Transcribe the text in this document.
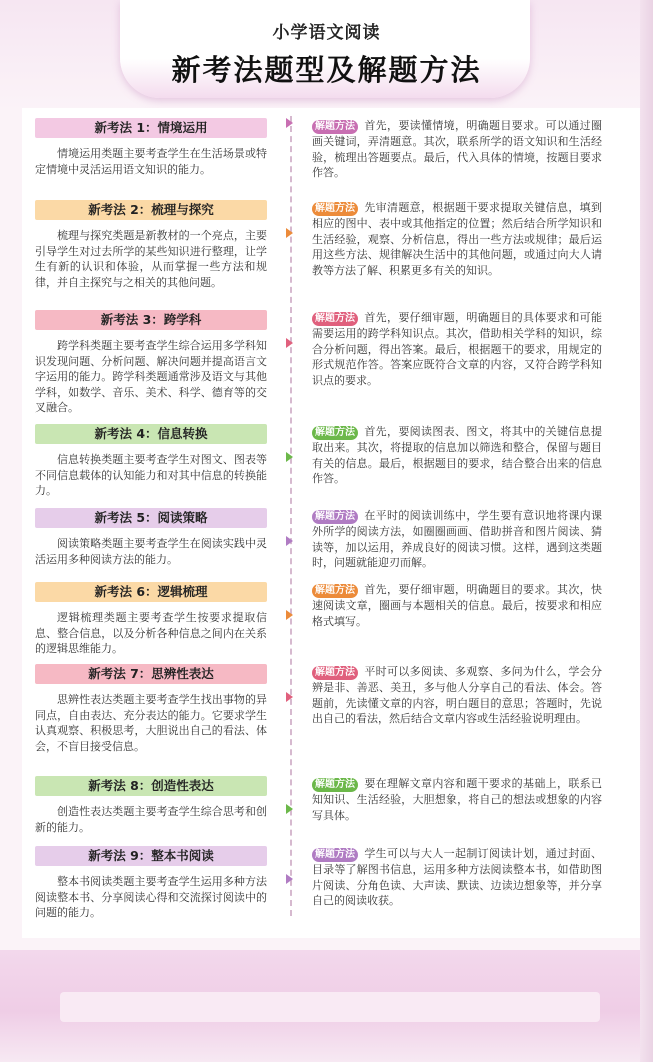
小学语文阅读
新考法题型及解题方法
新考法 1：情境运用
情境运用类题主要考查学生在生活场景或特定情境中灵活运用语文知识的能力。
解题方法 首先，要读懂情境，明确题目要求。可以通过圈画关键词，弄清题意。其次，联系所学的语文知识和生活经验，梳理出答题要点。最后，代入具体的情境，按题目要求作答。
新考法 2：梳理与探究
梳理与探究类题是新教材的一个亮点，主要引导学生对过去所学的某些知识进行整理，让学生有新的认识和体验，从而掌握一些方法和规律，并自主探究与之相关的其他问题。
解题方法 先审清题意，根据题干要求提取关键信息，填到相应的图中、表中或其他指定的位置；然后结合所学知识和生活经验，观察、分析信息，得出一些方法或规律；最后运用这些方法、规律解决生活中的其他问题，或通过向大人请教等方法了解、积累更多有关的知识。
新考法 3：跨学科
跨学科类题主要考查学生综合运用多学科知识发现问题、分析问题、解决问题并提高语言文字运用的能力。跨学科类题通常涉及语文与其他学科，如数学、音乐、美术、科学、德育等的交叉融合。
解题方法 首先，要仔细审题，明确题目的具体要求和可能需要运用的跨学科知识点。其次，借助相关学科的知识，综合分析问题，得出答案。最后，根据题干的要求，用规定的形式规范作答。答案应既符合文章的内容，又符合跨学科知识点的要求。
新考法 4：信息转换
信息转换类题主要考查学生对图文、图表等不同信息载体的认知能力和对其中信息的转换能力。
解题方法 首先，要阅读图表、图文，将其中的关键信息提取出来。其次，将提取的信息加以筛选和整合，保留与题目有关的信息。最后，根据题目的要求，结合整合出来的信息作答。
新考法 5：阅读策略
阅读策略类题主要考查学生在阅读实践中灵活运用多种阅读方法的能力。
解题方法 在平时的阅读训练中，学生要有意识地将课内课外所学的阅读方法，如圈圈画画、借助拼音和图片阅读、猜读等，加以运用，养成良好的阅读习惯。这样，遇到这类题时，问题就能迎刃而解。
新考法 6：逻辑梳理
逻辑梳理类题主要考查学生按要求提取信息、整合信息，以及分析各种信息之间内在关系的逻辑思维能力。
解题方法 首先，要仔细审题，明确题目的要求。其次，快速阅读文章，圈画与本题相关的信息。最后，按要求和相应格式填写。
新考法 7：思辨性表达
思辨性表达类题主要考查学生找出事物的异同点，自由表达、充分表达的能力。它要求学生认真观察、积极思考，大胆说出自己的看法、体会，不盲目接受信息。
解题方法 平时可以多阅读、多观察、多问为什么，学会分辨是非、善恶、美丑，多与他人分享自己的看法、体会。答题前，先读懂文章的内容，明白题目的意思；答题时，先说出自己的看法，然后结合文章内容或生活经验说明理由。
新考法 8：创造性表达
创造性表达类题主要考查学生综合思考和创新的能力。
解题方法 要在理解文章内容和题干要求的基础上，联系已知知识、生活经验，大胆想象，将自己的想法或想象的内容写具体。
新考法 9：整本书阅读
整本书阅读类题主要考查学生运用多种方法阅读整本书、分享阅读心得和交流探讨阅读中的问题的能力。
解题方法 学生可以与大人一起制订阅读计划，通过封面、目录等了解图书信息，运用多种方法阅读整本书，如借助图片阅读、分角色读、大声读、默读、边读边想象等，并分享自己的阅读收获。
